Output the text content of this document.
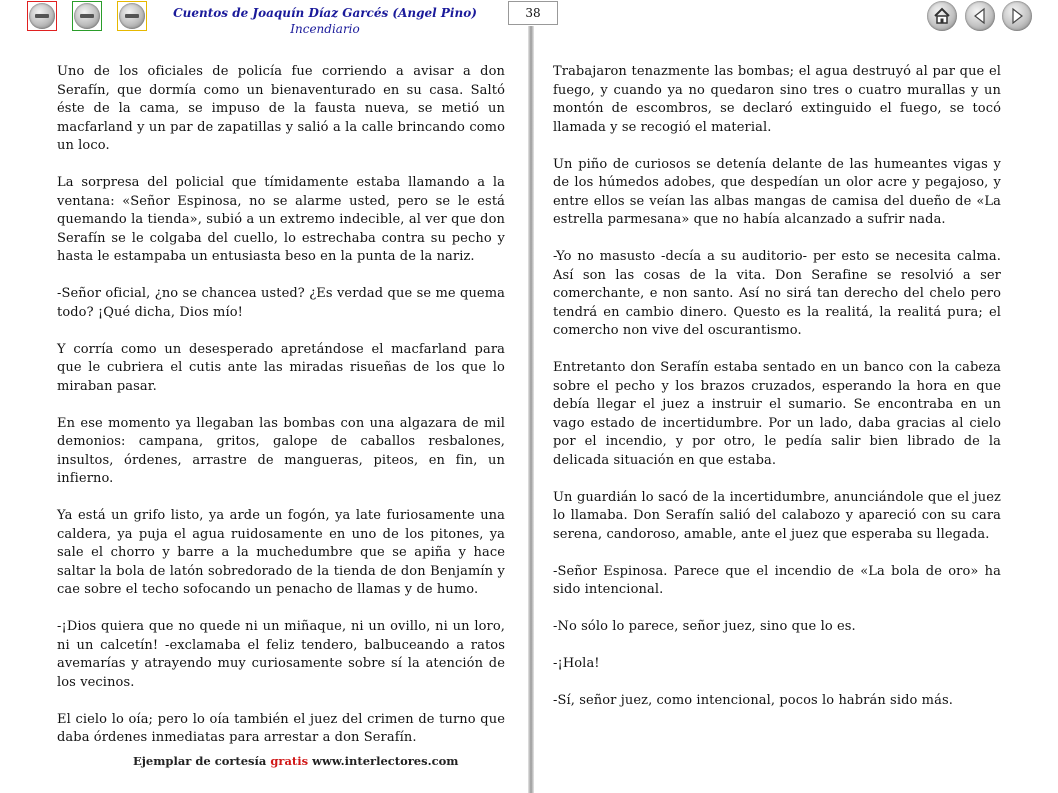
Cuentos de Joaquín Díaz Garcés (Angel Pino)
Incendiario
38

Uno de los oficiales de policía fue corriendo a avisar a don Serafín, que dormía como un bienaventurado en su casa. Saltó éste de la cama, se impuso de la fausta nueva, se metió un macfarland y un par de zapatillas y salió a la calle brincando como un loco.

La sorpresa del policial que tímidamente estaba llamando a la ventana: «Señor Espinosa, no se alarme usted, pero se le está quemando la tienda», subió a un extremo indecible, al ver que don Serafín se le colgaba del cuello, lo estrechaba contra su pecho y hasta le estampaba un entusiasta beso en la punta de la nariz.

-Señor oficial, ¿no se chancea usted? ¿Es verdad que se me quema todo? ¡Qué dicha, Dios mío!

Y corría como un desesperado apretándose el macfarland para que le cubriera el cutis ante las miradas risueñas de los que lo miraban pasar.

En ese momento ya llegaban las bombas con una algazara de mil demonios: campana, gritos, galope de caballos resbalones, insultos, órdenes, arrastre de mangueras, piteos, en fin, un infierno.

Ya está un grifo listo, ya arde un fogón, ya late furiosamente una caldera, ya puja el agua ruidosamente en uno de los pitones, ya sale el chorro y barre a la muchedumbre que se apiña y hace saltar la bola de latón sobredorado de la tienda de don Benjamín y cae sobre el techo sofocando un penacho de llamas y de humo.

-¡Dios quiera que no quede ni un miñaque, ni un ovillo, ni un loro, ni un calcetín! -exclamaba el feliz tendero, balbuceando a ratos avemarías y atrayendo muy curiosamente sobre sí la atención de los vecinos.

El cielo lo oía; pero lo oía también el juez del crimen de turno que daba órdenes inmediatas para arrestar a don Serafín.

Trabajaron tenazmente las bombas; el agua destruyó al par que el fuego, y cuando ya no quedaron sino tres o cuatro murallas y un montón de escombros, se declaró extinguido el fuego, se tocó llamada y se recogió el material.

Un piño de curiosos se detenía delante de las humeantes vigas y de los húmedos adobes, que despedían un olor acre y pegajoso, y entre ellos se veían las albas mangas de camisa del dueño de «La estrella parmesana» que no había alcanzado a sufrir nada.

-Yo no masusto -decía a su auditorio- per esto se necesita calma. Así son las cosas de la vita. Don Serafine se resolvió a ser comerchante, e non santo. Así no sirá tan derecho del chelo pero tendrá en cambio dinero. Questo es la realitá, la realitá pura; el comercho non vive del oscurantismo.

Entretanto don Serafín estaba sentado en un banco con la cabeza sobre el pecho y los brazos cruzados, esperando la hora en que debía llegar el juez a instruir el sumario. Se encontraba en un vago estado de incertidumbre. Por un lado, daba gracias al cielo por el incendio, y por otro, le pedía salir bien librado de la delicada situación en que estaba.

Un guardián lo sacó de la incertidumbre, anunciándole que el juez lo llamaba. Don Serafín salió del calabozo y apareció con su cara serena, candoroso, amable, ante el juez que esperaba su llegada.

-Señor Espinosa. Parece que el incendio de «La bola de oro» ha sido intencional.

-No sólo lo parece, señor juez, sino que lo es.

-¡Hola!

-Sí, señor juez, como intencional, pocos lo habrán sido más.

Ejemplar de cortesía gratis www.interlectores.com
